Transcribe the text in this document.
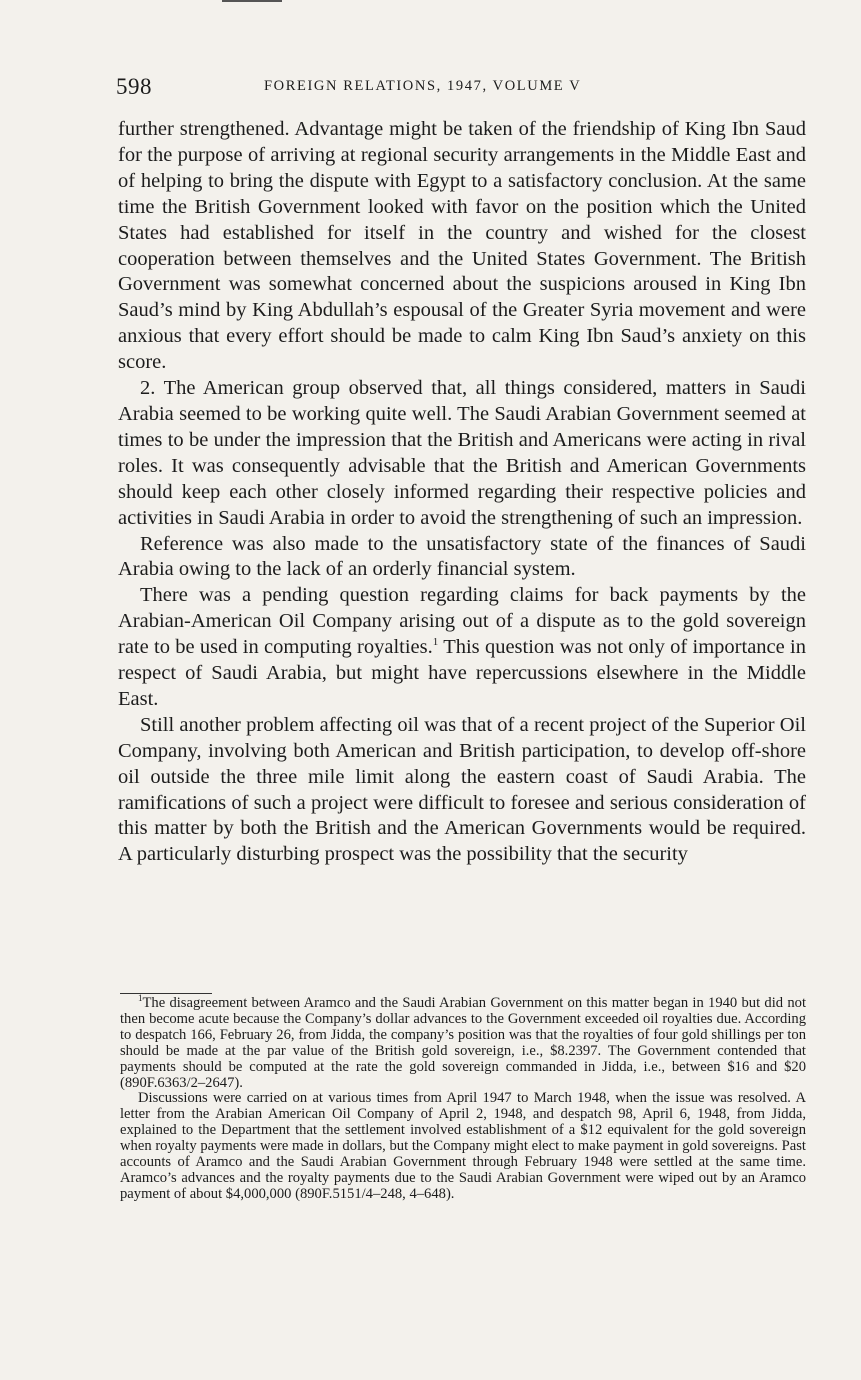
598	FOREIGN RELATIONS, 1947, VOLUME V

further strengthened. Advantage might be taken of the friendship of King Ibn Saud for the purpose of arriving at regional security arrangements in the Middle East and of helping to bring the dispute with Egypt to a satisfactory conclusion. At the same time the British Government looked with favor on the position which the United States had established for itself in the country and wished for the closest cooperation between themselves and the United States Government. The British Government was somewhat concerned about the suspicions aroused in King Ibn Saud’s mind by King Abdullah’s espousal of the Greater Syria movement and were anxious that every effort should be made to calm King Ibn Saud’s anxiety on this score.

2. The American group observed that, all things considered, matters in Saudi Arabia seemed to be working quite well. The Saudi Arabian Government seemed at times to be under the impression that the British and Americans were acting in rival roles. It was consequently advisable that the British and American Governments should keep each other closely informed regarding their respective policies and activities in Saudi Arabia in order to avoid the strengthening of such an impression.

Reference was also made to the unsatisfactory state of the finances of Saudi Arabia owing to the lack of an orderly financial system.

There was a pending question regarding claims for back payments by the Arabian-American Oil Company arising out of a dispute as to the gold sovereign rate to be used in computing royalties.$^1$ This question was not only of importance in respect of Saudi Arabia, but might have repercussions elsewhere in the Middle East.

Still another problem affecting oil was that of a recent project of the Superior Oil Company, involving both American and British participation, to develop off-shore oil outside the three mile limit along the eastern coast of Saudi Arabia. The ramifications of such a project were difficult to foresee and serious consideration of this matter by both the British and the American Governments would be required. A particularly disturbing prospect was the possibility that the security

$^1$The disagreement between Aramco and the Saudi Arabian Government on this matter began in 1940 but did not then become acute because the Company’s dollar advances to the Government exceeded oil royalties due. According to despatch 166, February 26, from Jidda, the company’s position was that the royalties of four gold shillings per ton should be made at the par value of the British gold sovereign, i.e., $8.2397. The Government contended that payments should be computed at the rate the gold sovereign commanded in Jidda, i.e., between $16 and $20 (890F.6363/2–2647).

Discussions were carried on at various times from April 1947 to March 1948, when the issue was resolved. A letter from the Arabian American Oil Company of April 2, 1948, and despatch 98, April 6, 1948, from Jidda, explained to the Department that the settlement involved establishment of a $12 equivalent for the gold sovereign when royalty payments were made in dollars, but the Company might elect to make payment in gold sovereigns. Past accounts of Aramco and the Saudi Arabian Government through February 1948 were settled at the same time. Aramco’s advances and the royalty payments due to the Saudi Arabian Government were wiped out by an Aramco payment of about $4,000,000 (890F.5151/4–248, 4–648).
